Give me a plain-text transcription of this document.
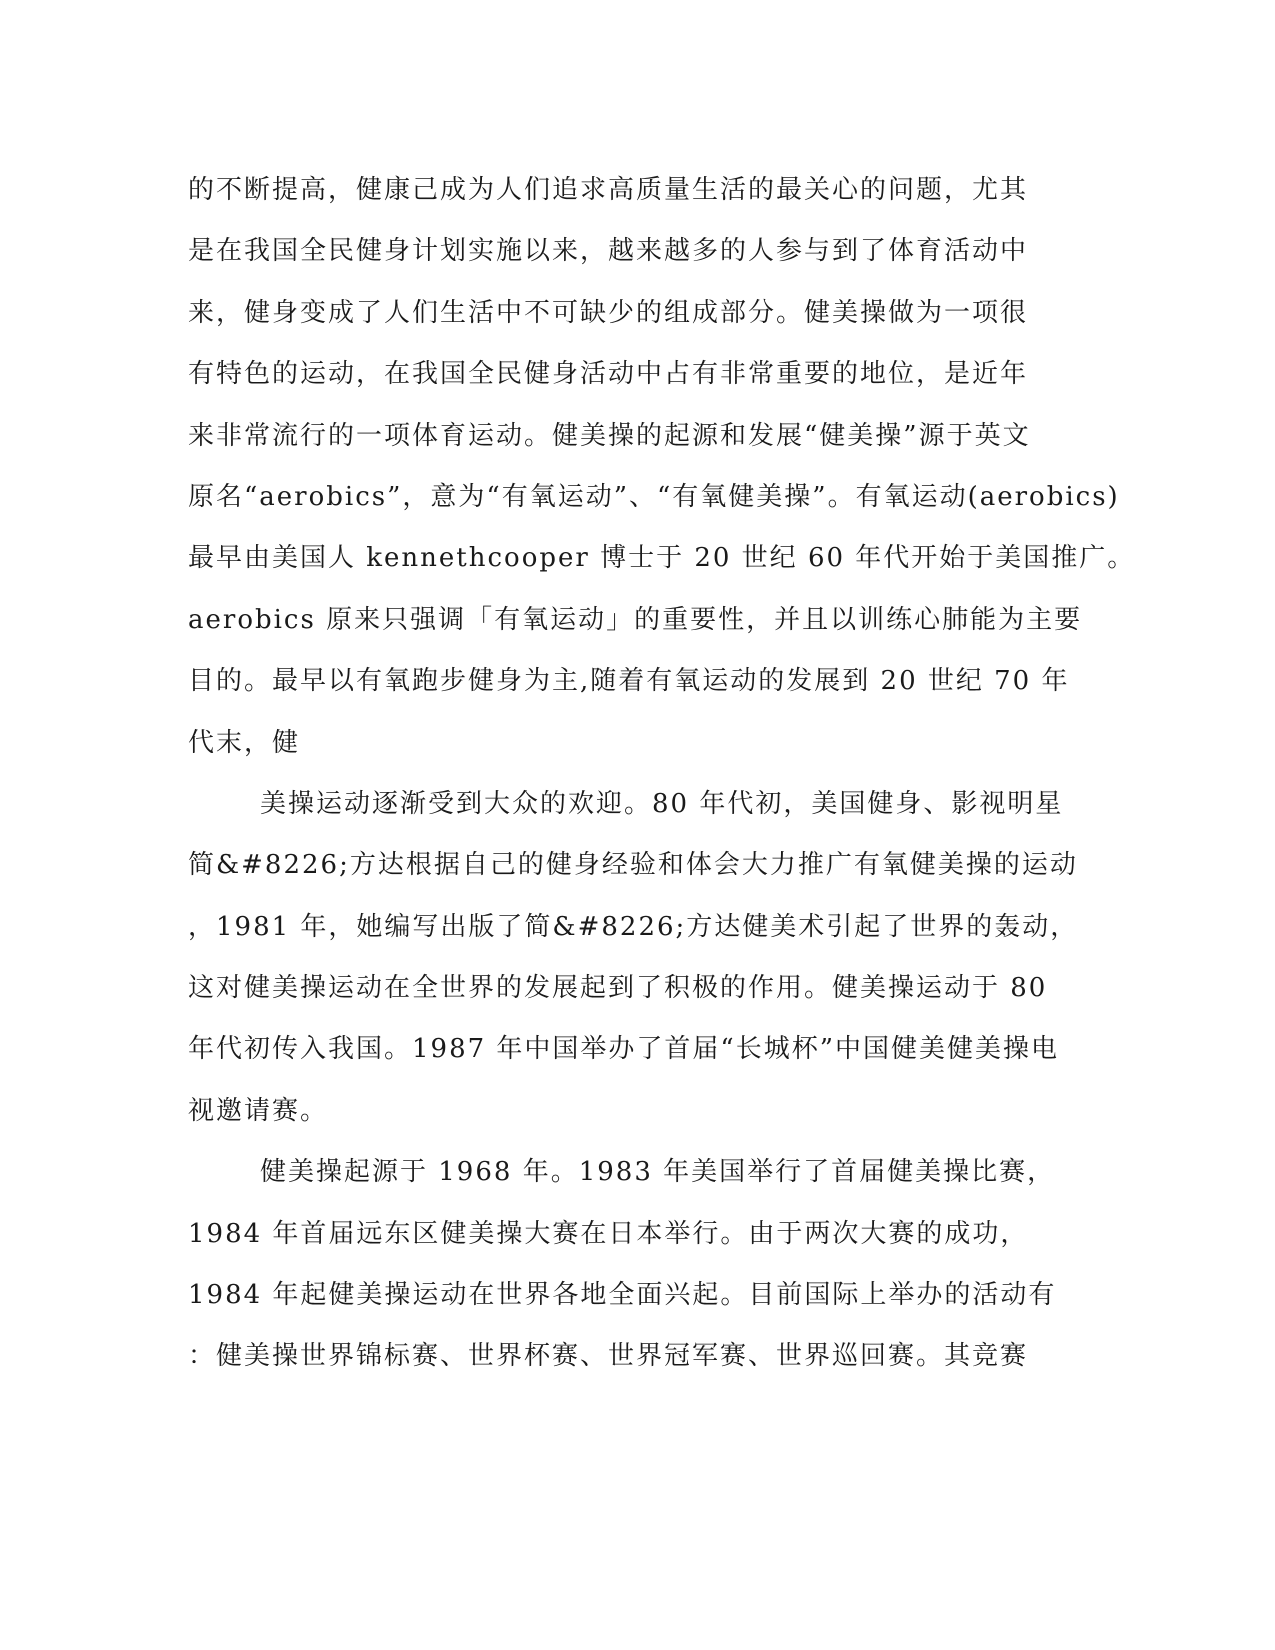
的不断提高，健康己成为人们追求高质量生活的最关心的问题，尤其
是在我国全民健身计划实施以来，越来越多的人参与到了体育活动中
来，健身变成了人们生活中不可缺少的组成部分。健美操做为一项很
有特色的运动，在我国全民健身活动中占有非常重要的地位，是近年
来非常流行的一项体育运动。健美操的起源和发展“健美操”源于英文
原名“aerobics”，意为“有氧运动”、“有氧健美操”。有氧运动(aerobics)
最早由美国人 kennethcooper 博士于 20 世纪 60 年代开始于美国推广。
aerobics 原来只强调「有氧运动」的重要性，并且以训练心肺能为主要
目的。最早以有氧跑步健身为主,随着有氧运动的发展到 20 世纪 70 年
代末，健
美操运动逐渐受到大众的欢迎。80 年代初，美国健身、影视明星
简&#8226;方达根据自己的健身经验和体会大力推广有氧健美操的运动
，1981 年，她编写出版了简&#8226;方达健美术引起了世界的轰动，
这对健美操运动在全世界的发展起到了积极的作用。健美操运动于 80
年代初传入我国。1987 年中国举办了首届“长城杯”中国健美健美操电
视邀请赛。
健美操起源于 1968 年。1983 年美国举行了首届健美操比赛，
1984 年首届远东区健美操大赛在日本举行。由于两次大赛的成功，
1984 年起健美操运动在世界各地全面兴起。目前国际上举办的活动有
：健美操世界锦标赛、世界杯赛、世界冠军赛、世界巡回赛。其竞赛
